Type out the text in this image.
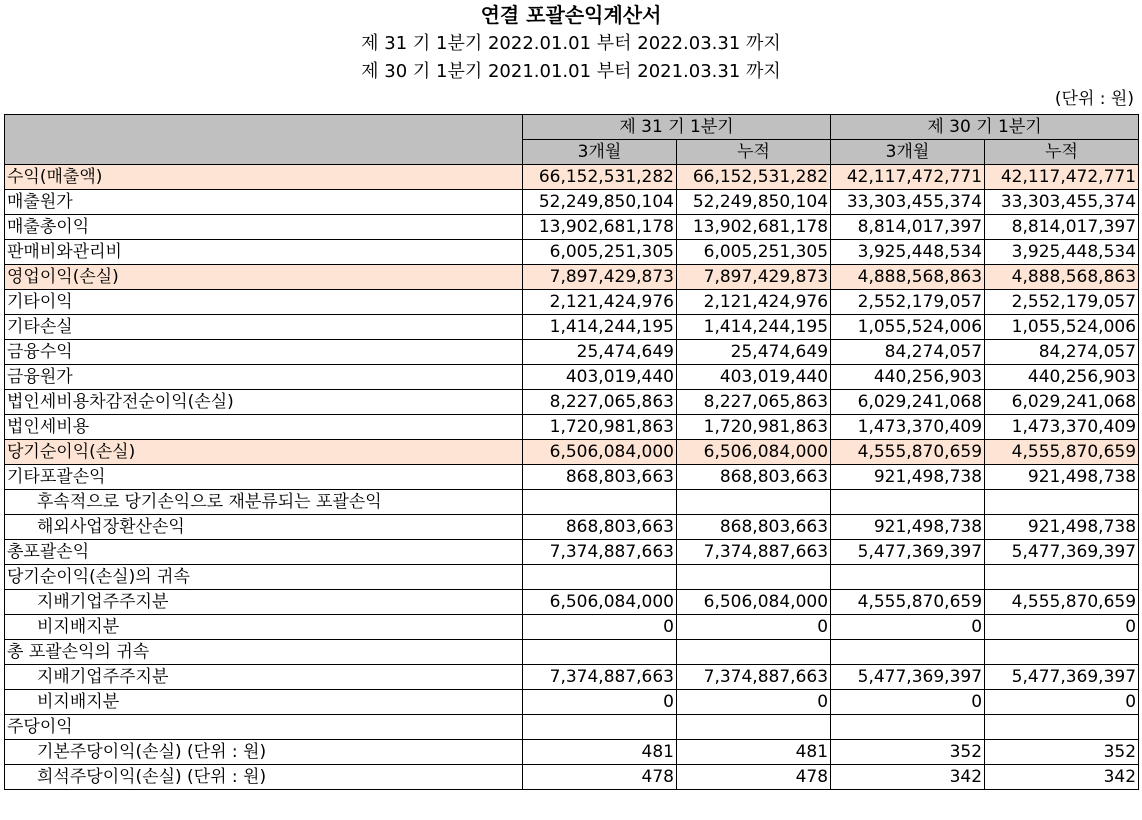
연결 포괄손익계산서
제 31 기 1분기 2022.01.01 부터 2022.03.31 까지
제 30 기 1분기 2021.01.01 부터 2021.03.31 까지
(단위 : 원)
	제 31 기 1분기		제 30 기 1분기	
	3개월	누적	3개월	누적
수익(매출액)	66,152,531,282	66,152,531,282	42,117,472,771	42,117,472,771
매출원가	52,249,850,104	52,249,850,104	33,303,455,374	33,303,455,374
매출총이익	13,902,681,178	13,902,681,178	8,814,017,397	8,814,017,397
판매비와관리비	6,005,251,305	6,005,251,305	3,925,448,534	3,925,448,534
영업이익(손실)	7,897,429,873	7,897,429,873	4,888,568,863	4,888,568,863
기타이익	2,121,424,976	2,121,424,976	2,552,179,057	2,552,179,057
기타손실	1,414,244,195	1,414,244,195	1,055,524,006	1,055,524,006
금융수익	25,474,649	25,474,649	84,274,057	84,274,057
금융원가	403,019,440	403,019,440	440,256,903	440,256,903
법인세비용차감전순이익(손실)	8,227,065,863	8,227,065,863	6,029,241,068	6,029,241,068
법인세비용	1,720,981,863	1,720,981,863	1,473,370,409	1,473,370,409
당기순이익(손실)	6,506,084,000	6,506,084,000	4,555,870,659	4,555,870,659
기타포괄손익	868,803,663	868,803,663	921,498,738	921,498,738
후속적으로 당기손익으로 재분류되는 포괄손익				
해외사업장환산손익	868,803,663	868,803,663	921,498,738	921,498,738
총포괄손익	7,374,887,663	7,374,887,663	5,477,369,397	5,477,369,397
당기순이익(손실)의 귀속				
지배기업주주지분	6,506,084,000	6,506,084,000	4,555,870,659	4,555,870,659
비지배지분	0	0	0	0
총 포괄손익의 귀속				
지배기업주주지분	7,374,887,663	7,374,887,663	5,477,369,397	5,477,369,397
비지배지분	0	0	0	0
주당이익				
기본주당이익(손실) (단위 : 원)	481	481	352	352
희석주당이익(손실) (단위 : 원)	478	478	342	342
